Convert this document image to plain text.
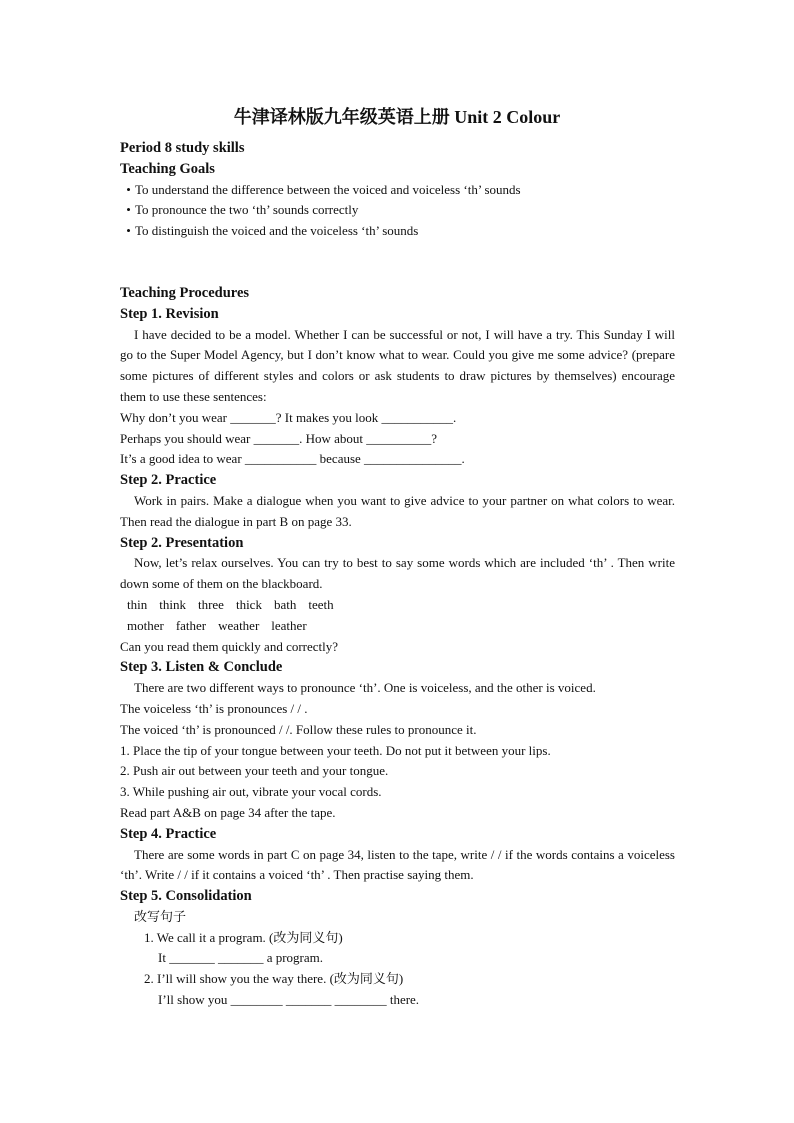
牛津译林版九年级英语上册 Unit 2 Colour
Period 8 study skills
Teaching Goals
• To understand the difference between the voiced and voiceless ‘th’ sounds
• To pronounce the two ‘th’ sounds correctly
• To distinguish the voiced and the voiceless ‘th’ sounds
Teaching Procedures
Step 1. Revision
I have decided to be a model. Whether I can be successful or not, I will have a try. This Sunday I will go to the Super Model Agency, but I don’t know what to wear. Could you give me some advice? (prepare some pictures of different styles and colors or ask students to draw pictures by themselves) encourage them to use these sentences:
Why don’t you wear _______? It makes you look ___________.
Perhaps you should wear _______. How about __________?
It’s a good idea to wear ___________ because _______________.
Step 2. Practice
Work in pairs. Make a dialogue when you want to give advice to your partner on what colors to wear. Then read the dialogue in part B on page 33.
Step 2. Presentation
Now, let’s relax ourselves. You can try to best to say some words which are included ‘th’ . Then write down some of them on the blackboard.
thin think three thick bath teeth
mother father weather leather
Can you read them quickly and correctly?
Step 3. Listen & Conclude
There are two different ways to pronounce ‘th’. One is voiceless, and the other is voiced.
The voiceless ‘th’ is pronounces / / .
The voiced ‘th’ is pronounced / /. Follow these rules to pronounce it.
1. Place the tip of your tongue between your teeth. Do not put it between your lips.
2. Push air out between your teeth and your tongue.
3. While pushing air out, vibrate your vocal cords.
Read part A&B on page 34 after the tape.
Step 4. Practice
There are some words in part C on page 34, listen to the tape, write / / if the words contains a voiceless ‘th’. Write / / if it contains a voiced ‘th’ . Then practise saying them.
Step 5. Consolidation
改写句子
1. We call it a program. (改为同义句)
It _______ _______ a program.
2. I’ll will show you the way there. (改为同义句)
I’ll show you ________ _______ ________ there.
